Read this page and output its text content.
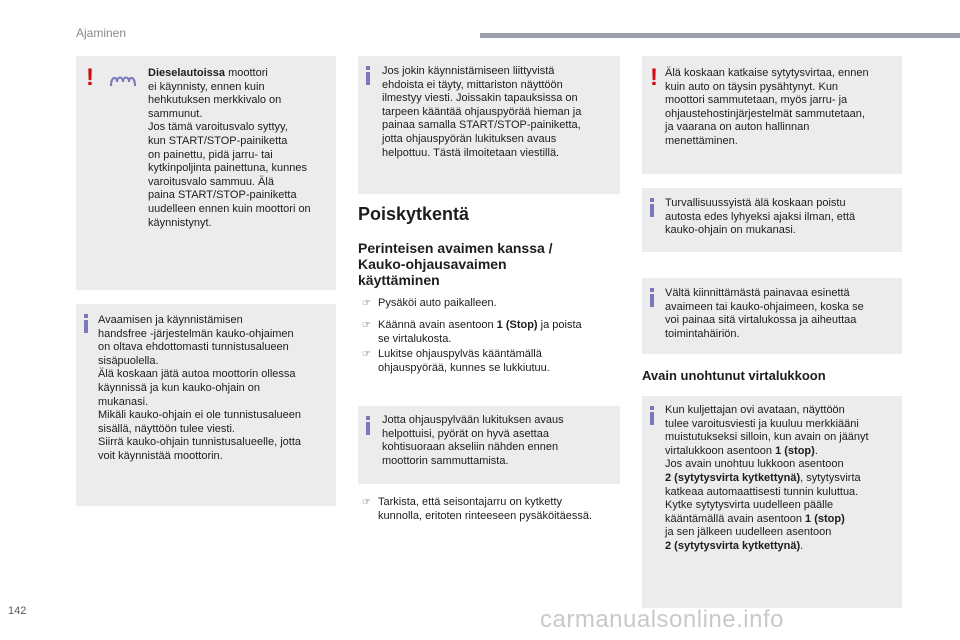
Ajaminen
!	Dieselautoissa moottori

ei käynnisty, ennen kuin

hehkutuksen merkkivalo on

sammunut.

Jos tämä varoitusvalo syttyy,

kun START/STOP-painiketta

on painettu, pidä jarru- tai

kytkinpoljinta painettuna, kunnes

varoitusvalo sammuu. Älä

paina START/STOP-painiketta

uudelleen ennen kuin moottori on

käynnistynyt.

Avaamisen ja käynnistämisen

handsfree -järjestelmän kauko-ohjaimen

on oltava ehdottomasti tunnistusalueen

sisäpuolella.

Älä koskaan jätä autoa moottorin ollessa

käynnissä ja kun kauko-ohjain on

mukanasi.

Mikäli kauko-ohjain ei ole tunnistusalueen

sisällä, näyttöön tulee viesti.

Siirrä kauko-ohjain tunnistusalueelle, jotta

voit käynnistää moottorin.

Jos jokin käynnistämiseen liittyvistä

ehdoista ei täyty, mittariston näyttöön

ilmestyy viesti. Joissakin tapauksissa on

tarpeen kääntää ohjauspyörää hieman ja

painaa samalla START/STOP-painiketta,

jotta ohjauspyörän lukituksen avaus

helpottuu. Tästä ilmoitetaan viestillä.

Poiskytkentä
Perinteisen avaimen kanssa /
Kauko-ohjausavaimen
käyttäminen
☞ Pysäköi auto paikalleen.
☞ Käännä avain asentoon 1 (Stop) ja poista
se virtalukosta.
☞ Lukitse ohjauspylväs kääntämällä
ohjauspyörää, kunnes se lukkiutuu.

Jotta ohjauspylvään lukituksen avaus

helpottuisi, pyörät on hyvä asettaa

kohtisuoraan akseliin nähden ennen

moottorin sammuttamista.

☞ Tarkista, että seisontajarru on kytketty
kunnolla, eritoten rinteeseen pysäköitäessä.
! Älä koskaan katkaise sytytysvirtaa, ennen

kuin auto on täysin pysähtynyt. Kun

moottori sammutetaan, myös jarru- ja

ohjaustehostinjärjestelmät sammutetaan,

ja vaarana on auton hallinnan

menettäminen.

Turvallisuussyistä älä koskaan poistu

autosta edes lyhyeksi ajaksi ilman, että

kauko-ohjain on mukanasi.

Vältä kiinnittämästä painavaa esinettä

avaimeen tai kauko-ohjaimeen, koska se

voi painaa sitä virtalukossa ja aiheuttaa

toimintahäiriön.

Avain unohtunut virtalukkoon

Kun kuljettajan ovi avataan, näyttöön

tulee varoitusviesti ja kuuluu merkkiääni

muistutukseksi silloin, kun avain on jäänyt

virtalukkoon asentoon 1 (stop).

Jos avain unohtuu lukkoon asentoon

2 (sytytysvirta kytkettynä), sytytysvirta

katkeaa automaattisesti tunnin kuluttua.

Kytke sytytysvirta uudelleen päälle

kääntämällä avain asentoon 1 (stop)

ja sen jälkeen uudelleen asentoon

2 (sytytysvirta kytkettynä).

142	carmanualsonline.info
